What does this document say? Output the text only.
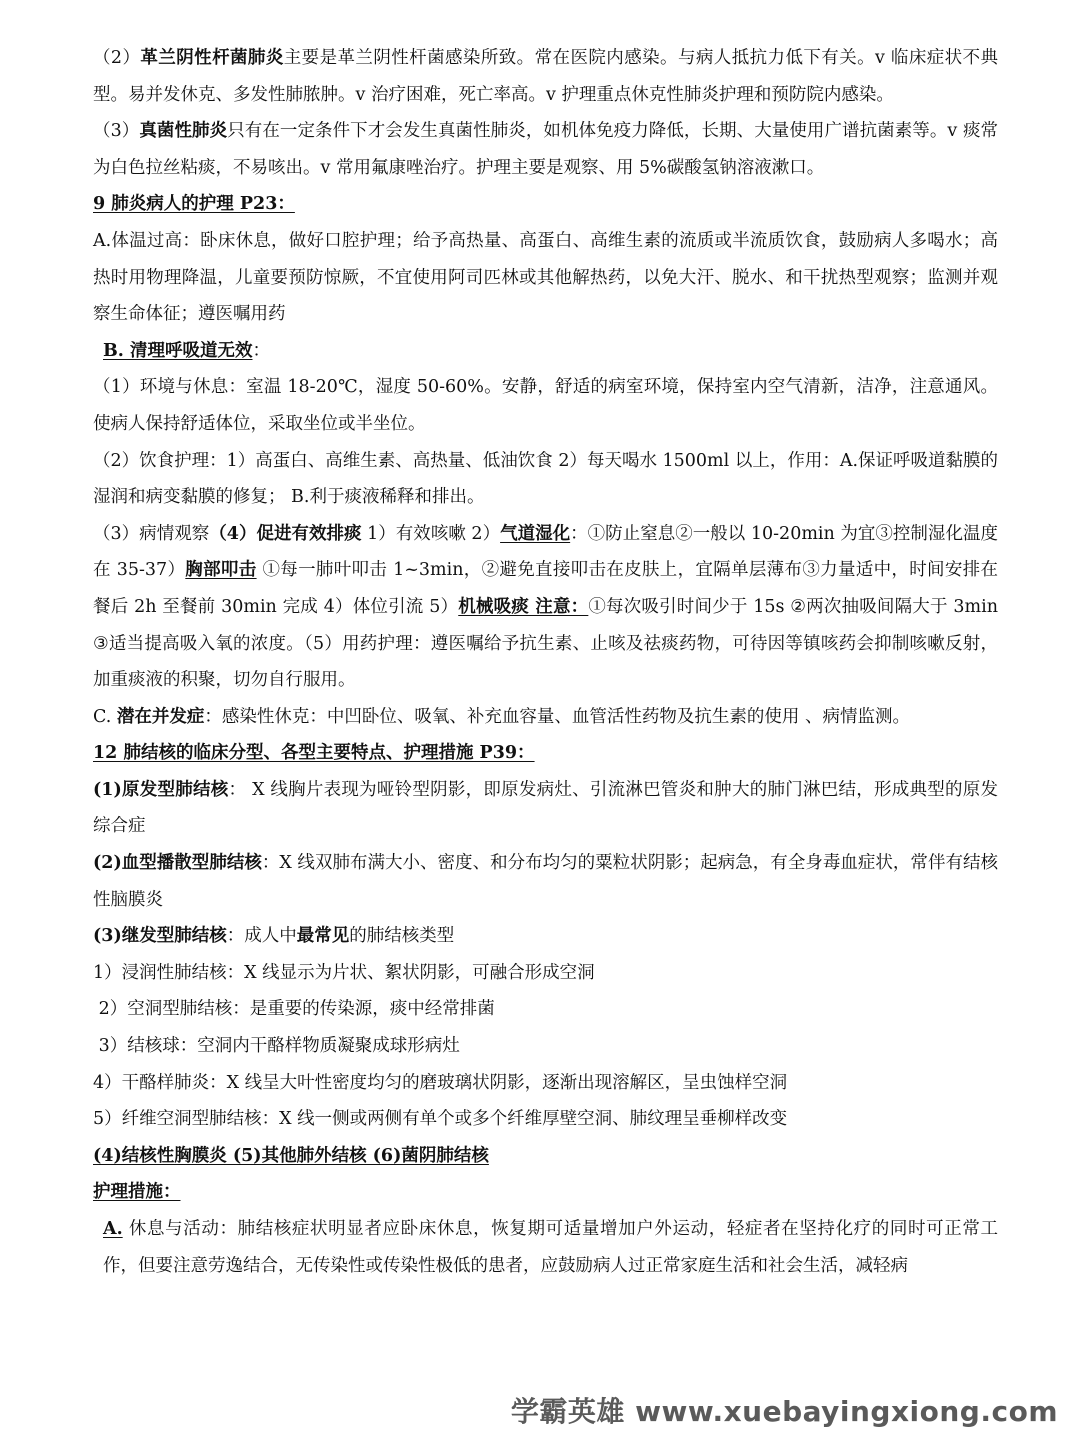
（2）革兰阴性杆菌肺炎主要是革兰阴性杆菌感染所致。常在医院内感染。与病人抵抗力低下有关。v 临床症状不典型。易并发休克、多发性肺脓肿。v 治疗困难，死亡率高。v 护理重点休克性肺炎护理和预防院内感染。

（3）真菌性肺炎只有在一定条件下才会发生真菌性肺炎，如机体免疫力降低，长期、大量使用广谱抗菌素等。v 痰常为白色拉丝粘痰，不易咳出。v 常用氟康唑治疗。护理主要是观察、用 5%碳酸氢钠溶液漱口。

9 肺炎病人的护理 P23：

A.体温过高：卧床休息，做好口腔护理；给予高热量、高蛋白、高维生素的流质或半流质饮食，鼓励病人多喝水；高热时用物理降温，儿童要预防惊厥，不宜使用阿司匹林或其他解热药，以免大汗、脱水、和干扰热型观察；监测并观察生命体征；遵医嘱用药

B. 清理呼吸道无效：

（1）环境与休息：室温 18-20℃，湿度 50-60%。安静，舒适的病室环境，保持室内空气清新，洁净，注意通风。使病人保持舒适体位，采取坐位或半坐位。

（2）饮食护理：1）高蛋白、高维生素、高热量、低油饮食 2）每天喝水 1500ml 以上，作用：A.保证呼吸道黏膜的湿润和病变黏膜的修复； B.利于痰液稀释和排出。

（3）病情观察（4）促进有效排痰 1）有效咳嗽 2）气道湿化：①防止窒息②一般以 10-20min 为宜③控制湿化温度在 35-37）胸部叩击 ①每一肺叶叩击 1~3min，②避免直接叩击在皮肤上，宜隔单层薄布③力量适中，时间安排在餐后 2h 至餐前 30min 完成 4）体位引流 5）机械吸痰 注意：①每次吸引时间少于 15s ②两次抽吸间隔大于 3min ③适当提高吸入氧的浓度。（5）用药护理：遵医嘱给予抗生素、止咳及祛痰药物，可待因等镇咳药会抑制咳嗽反射，加重痰液的积聚，切勿自行服用。

C. 潜在并发症：感染性休克：中凹卧位、吸氧、补充血容量、血管活性药物及抗生素的使用 、病情监测。

12 肺结核的临床分型、各型主要特点、护理措施 P39：

(1)原发型肺结核： X 线胸片表现为哑铃型阴影，即原发病灶、引流淋巴管炎和肿大的肺门淋巴结，形成典型的原发综合症

(2)血型播散型肺结核：X 线双肺布满大小、密度、和分布均匀的粟粒状阴影；起病急，有全身毒血症状，常伴有结核性脑膜炎

(3)继发型肺结核：成人中最常见的肺结核类型

1）浸润性肺结核：X 线显示为片状、絮状阴影，可融合形成空洞

2）空洞型肺结核：是重要的传染源，痰中经常排菌

3）结核球：空洞内干酪样物质凝聚成球形病灶

4）干酪样肺炎：X 线呈大叶性密度均匀的磨玻璃状阴影，逐渐出现溶解区，呈虫蚀样空洞

5）纤维空洞型肺结核：X 线一侧或两侧有单个或多个纤维厚壁空洞、肺纹理呈垂柳样改变

(4)结核性胸膜炎 (5)其他肺外结核 (6)菌阴肺结核

护理措施：

A. 休息与活动：肺结核症状明显者应卧床休息，恢复期可适量增加户外运动，轻症者在坚持化疗的同时可正常工作，但要注意劳逸结合，无传染性或传染性极低的患者，应鼓励病人过正常家庭生活和社会生活，减轻病

学霸英雄 www.xuebayingxiong.com
